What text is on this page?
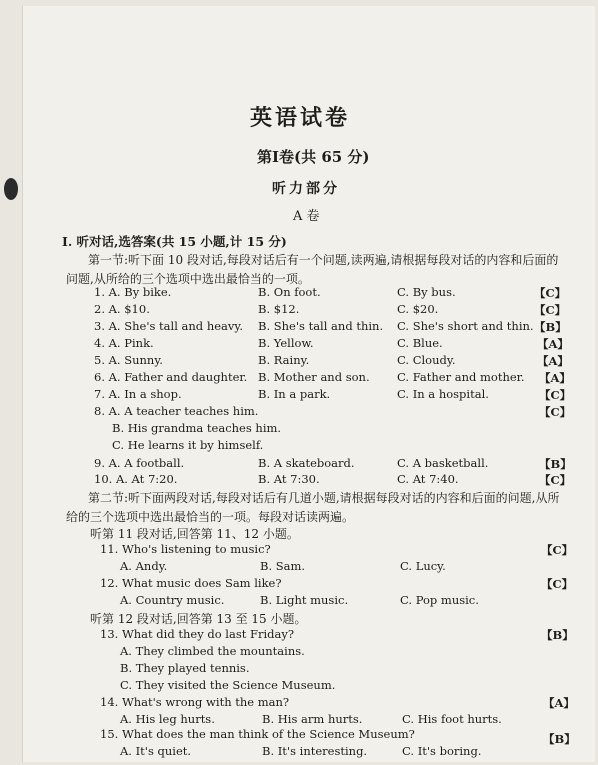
英语试卷
第Ⅰ卷(共 65 分)
听力部分
A 卷
Ⅰ. 听对话,选答案(共 15 小题,计 15 分)
第一节:听下面 10 段对话,每段对话后有一个问题,读两遍,请根据每段对话的内容和后面的问题,从所给的三个选项中选出最恰当的一项。
1. A. By bike.	B. On foot.	C. By bus.	【C】
2. A. $10.	B. $12.	C. $20.	【C】
3. A. She's tall and heavy. B. She's tall and thin. C. She's short and thin. 【B】
4. A. Pink.	B. Yellow.	C. Blue.	【A】
5. A. Sunny.	B. Rainy.	C. Cloudy.	【A】
6. A. Father and daughter. B. Mother and son. C. Father and mother. 【A】
7. A. In a shop.	B. In a park.	C. In a hospital.	【C】
8. A. A teacher teaches him.	【C】
B. His grandma teaches him.
C. He learns it by himself.
9. A. A football.	B. A skateboard.	C. A basketball.	【B】
10. A. At 7:20.	B. At 7:30.	C. At 7:40.	【C】
第二节:听下面两段对话,每段对话后有几道小题,请根据每段对话的内容和后面的问题,从所给的三个选项中选出最恰当的一项。每段对话读两遍。
听第 11 段对话,回答第 11、12 小题。
11. Who's listening to music?	【C】
A. Andy.	B. Sam.	C. Lucy.
12. What music does Sam like?	【C】
A. Country music.	B. Light music.	C. Pop music.
听第 12 段对话,回答第 13 至 15 小题。
13. What did they do last Friday?	【B】
A. They climbed the mountains.
B. They played tennis.
C. They visited the Science Museum.
14. What's wrong with the man?	【A】
A. His leg hurts.	B. His arm hurts.	C. His foot hurts.
15. What does the man think of the Science Museum?	【B】
A. It's quiet.	B. It's interesting.	C. It's boring.
